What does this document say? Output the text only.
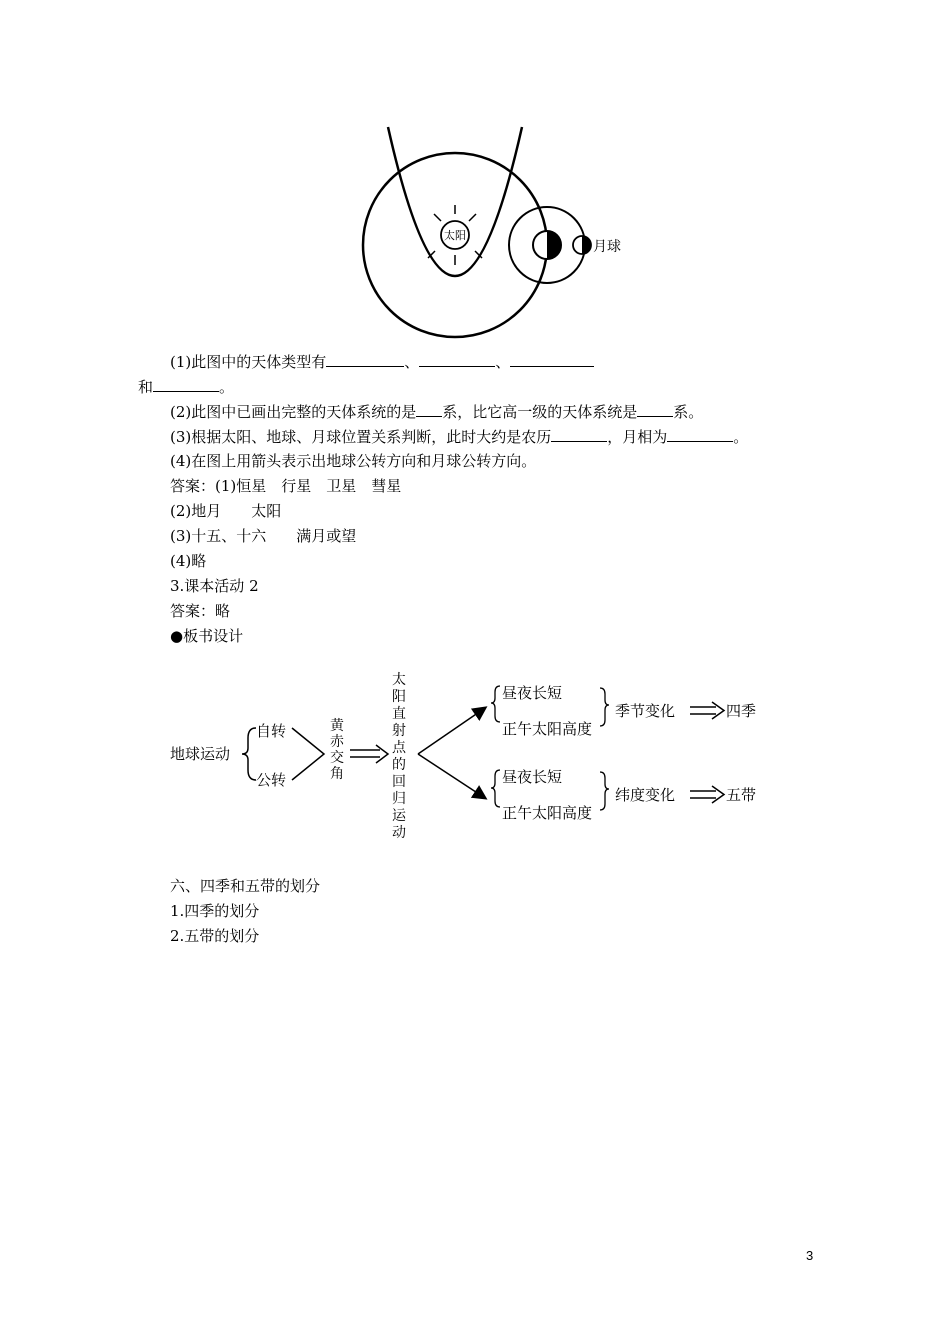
太阳
月球
(1)此图中的天体类型有	、	、
和	。
(2)此图中已画出完整的天体系统的是 系，比它高一级的天体系统是 系。
(3)根据太阳、地球、月球位置关系判断，此时大约是农历	，月相为	。
(4)在图上用箭头表示出地球公转方向和月球公转方向。
答案：(1)恒星　行星　卫星　彗星
(2)地月　　太阳
(3)十五、十六　　满月或望
(4)略
3.课本活动 2
答案：略
●板书设计
地球运动
自转
公转
黄
赤
交
角
太
阳
直
射
点
的
回
归
运
动
昼夜长短
正午太阳高度
季节变化	四季
昼夜长短
正午太阳高度
纬度变化	五带
六、四季和五带的划分
1.四季的划分
2.五带的划分
3
